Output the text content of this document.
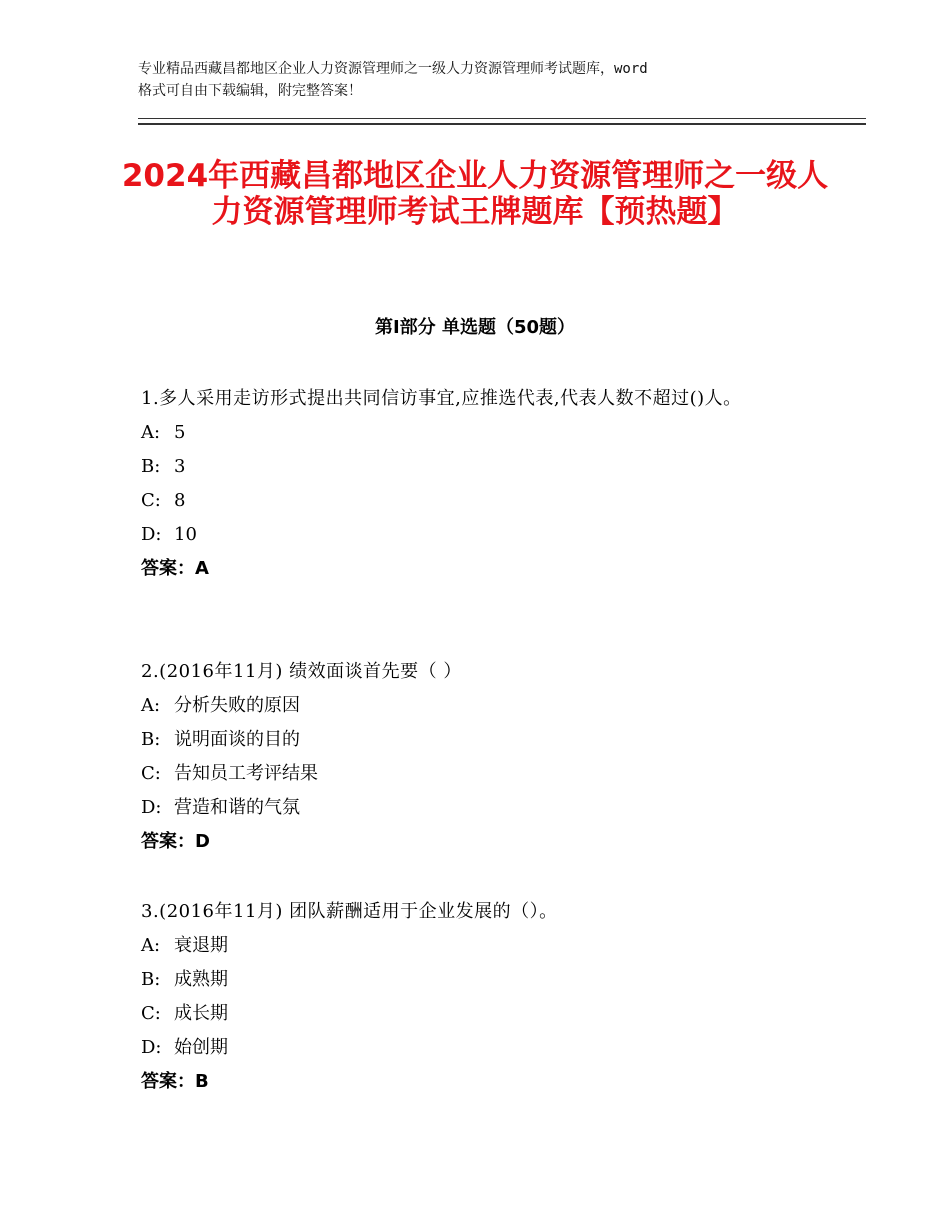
专业精品西藏昌都地区企业人力资源管理师之一级人力资源管理师考试题库，word
格式可自由下载编辑，附完整答案！
2024年西藏昌都地区企业人力资源管理师之一级人力资源管理师考试王牌题库【预热题】
第Ⅰ部分 单选题（50题）
1.多人采用走访形式提出共同信访事宜,应推选代表,代表人数不超过()人。
A: 5
B: 3
C: 8
D: 10
答案：A
2.(2016年11月) 绩效面谈首先要（ ）
A: 分析失败的原因
B: 说明面谈的目的
C: 告知员工考评结果
D: 营造和谐的气氛
答案：D
3.(2016年11月) 团队薪酬适用于企业发展的（）。
A: 衰退期
B: 成熟期
C: 成长期
D: 始创期
答案：B
